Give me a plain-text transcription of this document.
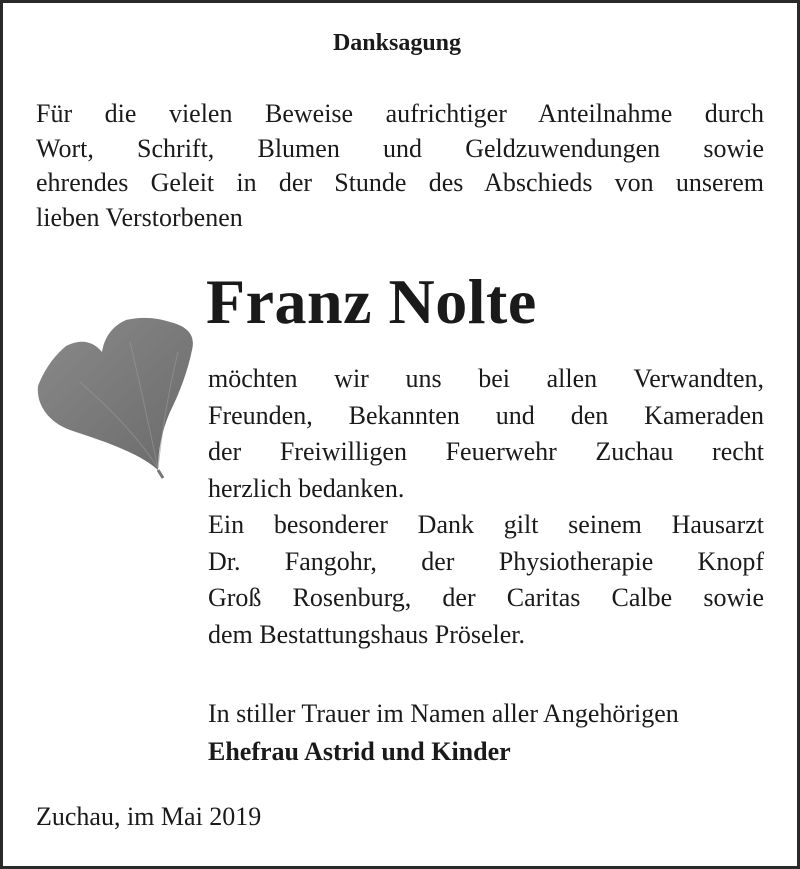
Danksagung
Für die vielen Beweise aufrichtiger Anteilnahme durch
Wort, Schrift, Blumen und Geldzuwendungen sowie
ehrendes Geleit in der Stunde des Abschieds von unserem
lieben Verstorbenen
Franz Nolte
möchten wir uns bei allen Verwandten,
Freunden, Bekannten und den Kameraden
der Freiwilligen Feuerwehr Zuchau recht
herzlich bedanken.
Ein besonderer Dank gilt seinem Hausarzt
Dr. Fangohr, der Physiotherapie Knopf
Groß Rosenburg, der Caritas Calbe sowie
dem Bestattungshaus Pröseler.
In stiller Trauer im Namen aller Angehörigen
Ehefrau Astrid und Kinder
Zuchau, im Mai 2019
